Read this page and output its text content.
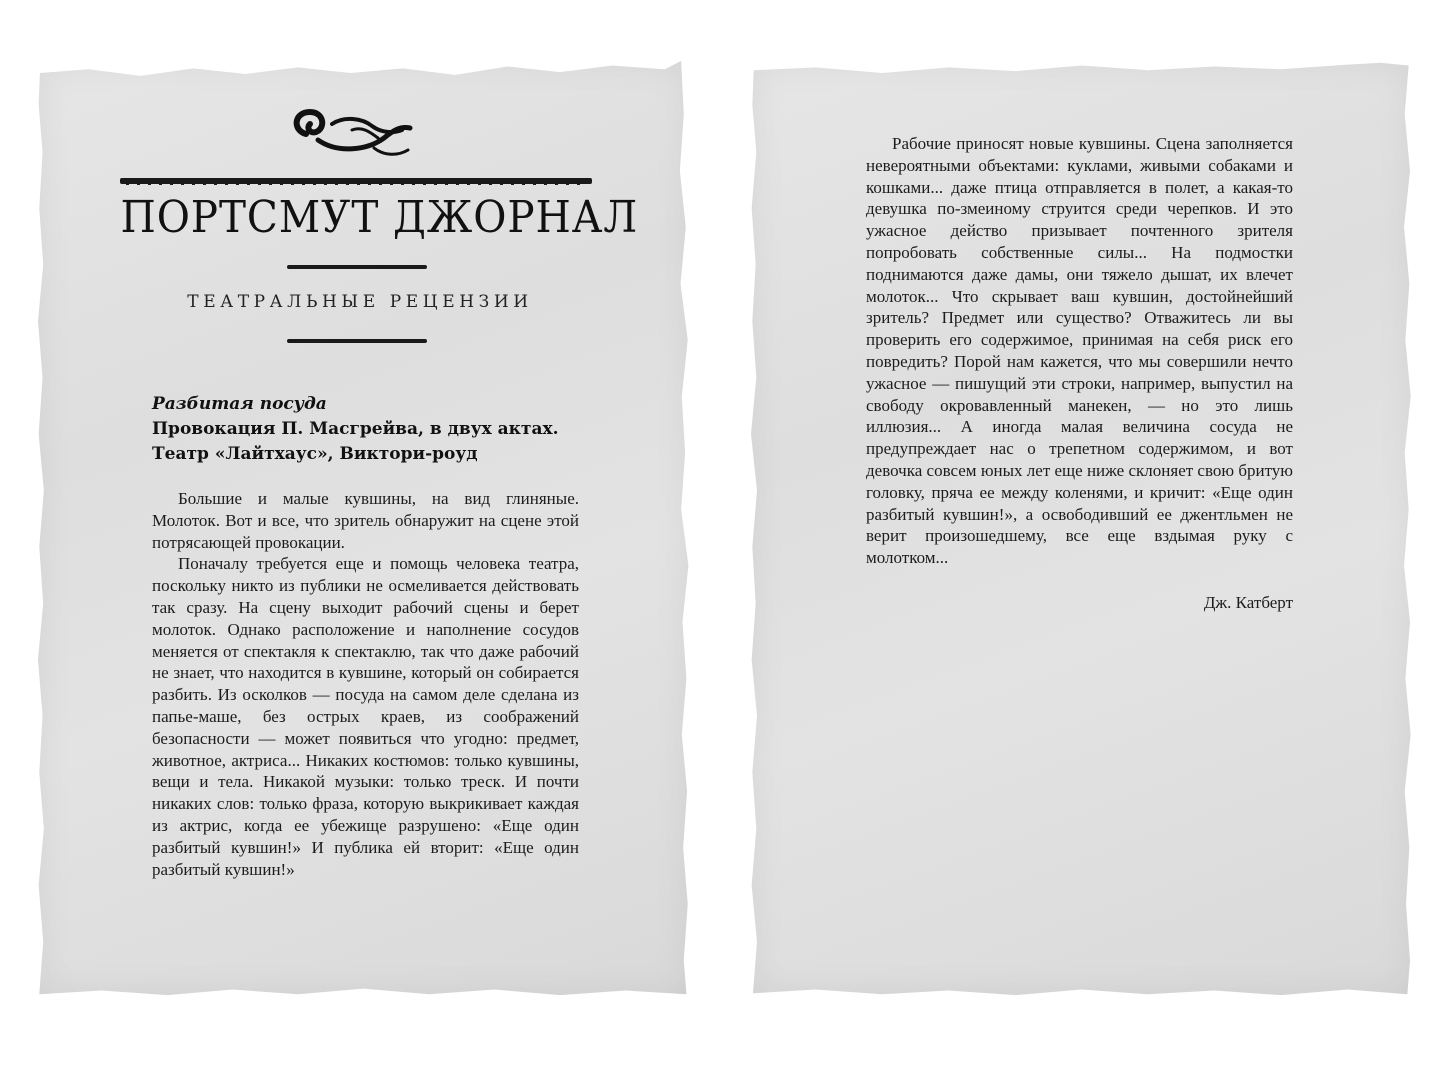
ПОРТСМУТ ДЖОРНАЛ
ТЕАТРАЛЬНЫЕ РЕЦЕНЗИИ
Разбитая посуда
Провокация П. Масгрейва, в двух актах.
Театр «Лайтхаус», Виктори-роуд

Большие и малые кувшины, на вид глиняные. Молоток. Вот и все, что зритель обнаружит на сцене этой потрясающей провокации.

Поначалу требуется еще и помощь человека театра, поскольку никто из публики не осмеливается действовать так сразу. На сцену выходит рабочий сцены и берет молоток. Однако расположение и наполнение сосудов меняется от спектакля к спектаклю, так что даже рабочий не знает, что находится в кувшине, который он собирается разбить. Из осколков — посуда на самом деле сделана из папье-маше, без острых краев, из соображений безопасности — может появиться что угодно: предмет, животное, актриса... Никаких костюмов: только кувшины, вещи и тела. Никакой музыки: только треск. И почти никаких слов: только фраза, которую выкрикивает каждая из актрис, когда ее убежище разрушено: «Еще один разбитый кувшин!» И публика ей вторит: «Еще один разбитый кувшин!»

Рабочие приносят новые кувшины. Сцена заполняется невероятными объектами: куклами, живыми собаками и кошками... даже птица отправляется в полет, а какая-то девушка по-змеиному струится среди черепков. И это ужасное действо призывает почтенного зрителя попробовать собственные силы... На подмостки поднимаются даже дамы, они тяжело дышат, их влечет молоток... Что скрывает ваш кувшин, достойнейший зритель? Предмет или существо? Отважитесь ли вы проверить его содержимое, принимая на себя риск его повредить? Порой нам кажется, что мы совершили нечто ужасное — пишущий эти строки, например, выпустил на свободу окровавленный манекен, — но это лишь иллюзия... А иногда малая величина сосуда не предупреждает нас о трепетном содержимом, и вот девочка совсем юных лет еще ниже склоняет свою бритую головку, пряча ее между коленями, и кричит: «Еще один разбитый кувшин!», а освободивший ее джентльмен не верит произошедшему, все еще вздымая руку с молотком...

Дж. Катберт
